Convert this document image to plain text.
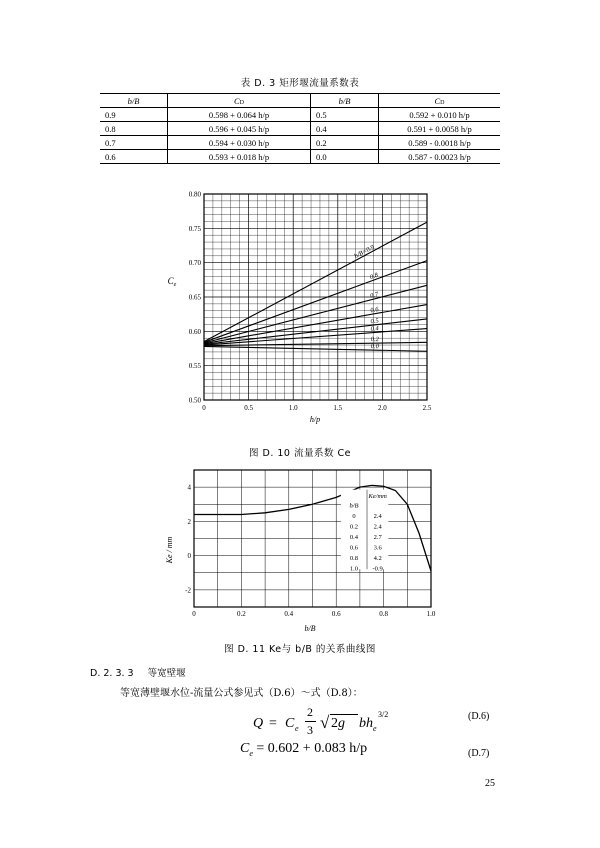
表 D. 3 矩形堰流量系数表
b/B	CD	b/B	CD
0.9	0.598 + 0.064 h/p	0.5	0.592 + 0.010 h/p
0.8	0.596 + 0.045 h/p	0.4	0.591 + 0.0058 h/p
0.7	0.594 + 0.030 h/p	0.2	0.589 - 0.0018 h/p
0.6	0.593 + 0.018 h/p	0.0	0.587 - 0.0023 h/p
0	0.5	1.0	1.5	2.0	2.5
0.50
0.55
0.60
0.65
0.70
0.75
0.80
b/B=0.9
0.8
0.7
0.6
0.5
0.4
0.2
0.0
$C_e$
h/p
图 D. 10 流量系数 Ce
0	0.2	0.4	0.6	0.8	1.0
-2
0
2
4
b/B
Ke/mm
0	2.4
0.2 2.4
0.4 2.7
0.6 3.6
0.8 4.2
1.0 -0.9
Ke / mm
b/B
图 D. 11 Ke与 b/B 的关系曲线图
D. 2. 3. 3 等宽壁堰
等宽薄壁堰水位-流量公式参见式（D.6）～式（D.8）：
Q = C e
2
3 √ 2g bh e
3/2	(D.6)
$C_e = 0.602 + 0.083$ h/p	(D.7)
25
